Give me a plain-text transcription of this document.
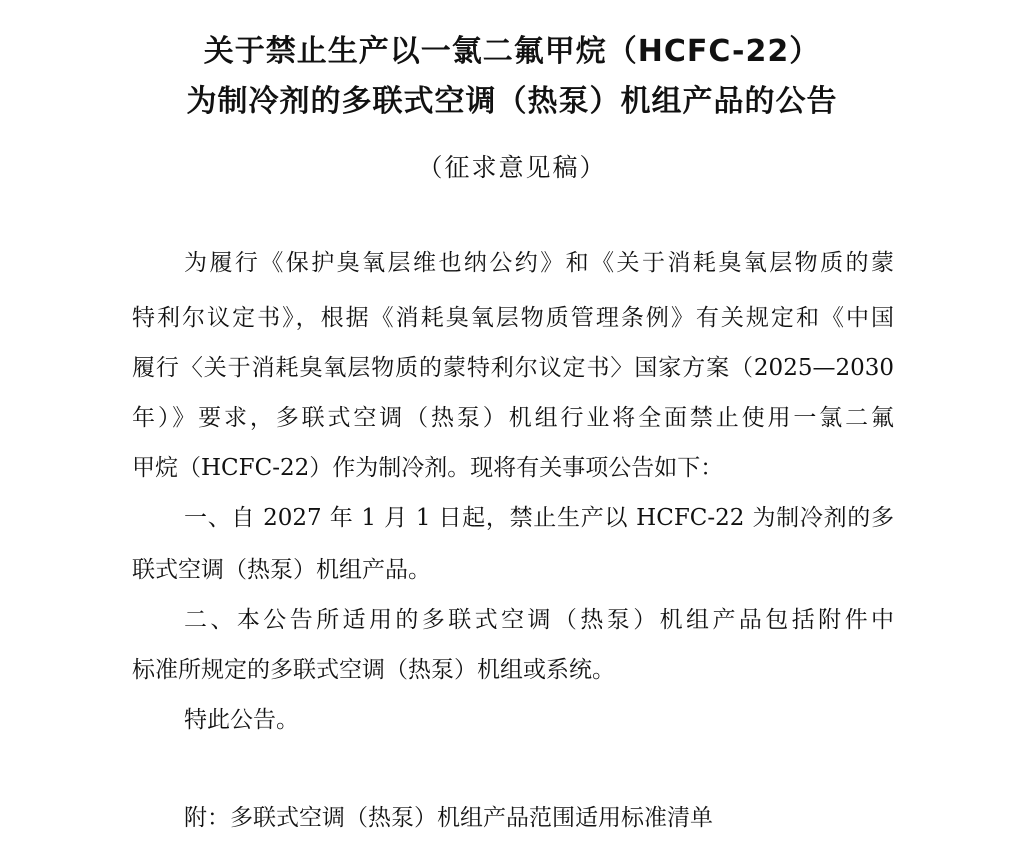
关于禁止生产以一氯二氟甲烷（HCFC-22）
为制冷剂的多联式空调（热泵）机组产品的公告
（征求意见稿）
为履行《保护臭氧层维也纳公约》和《关于消耗臭氧层物质的蒙
特利尔议定书》，根据《消耗臭氧层物质管理条例》有关规定和《中国
履行〈关于消耗臭氧层物质的蒙特利尔议定书〉国家方案（2025—2030
年）》要求，多联式空调（热泵）机组行业将全面禁止使用一氯二氟
甲烷（HCFC-22）作为制冷剂。现将有关事项公告如下：
一、自 2027 年 1 月 1 日起，禁止生产以 HCFC-22 为制冷剂的多
联式空调（热泵）机组产品。
二、本公告所适用的多联式空调（热泵）机组产品包括附件中
标准所规定的多联式空调（热泵）机组或系统。
特此公告。
附：多联式空调（热泵）机组产品范围适用标准清单
